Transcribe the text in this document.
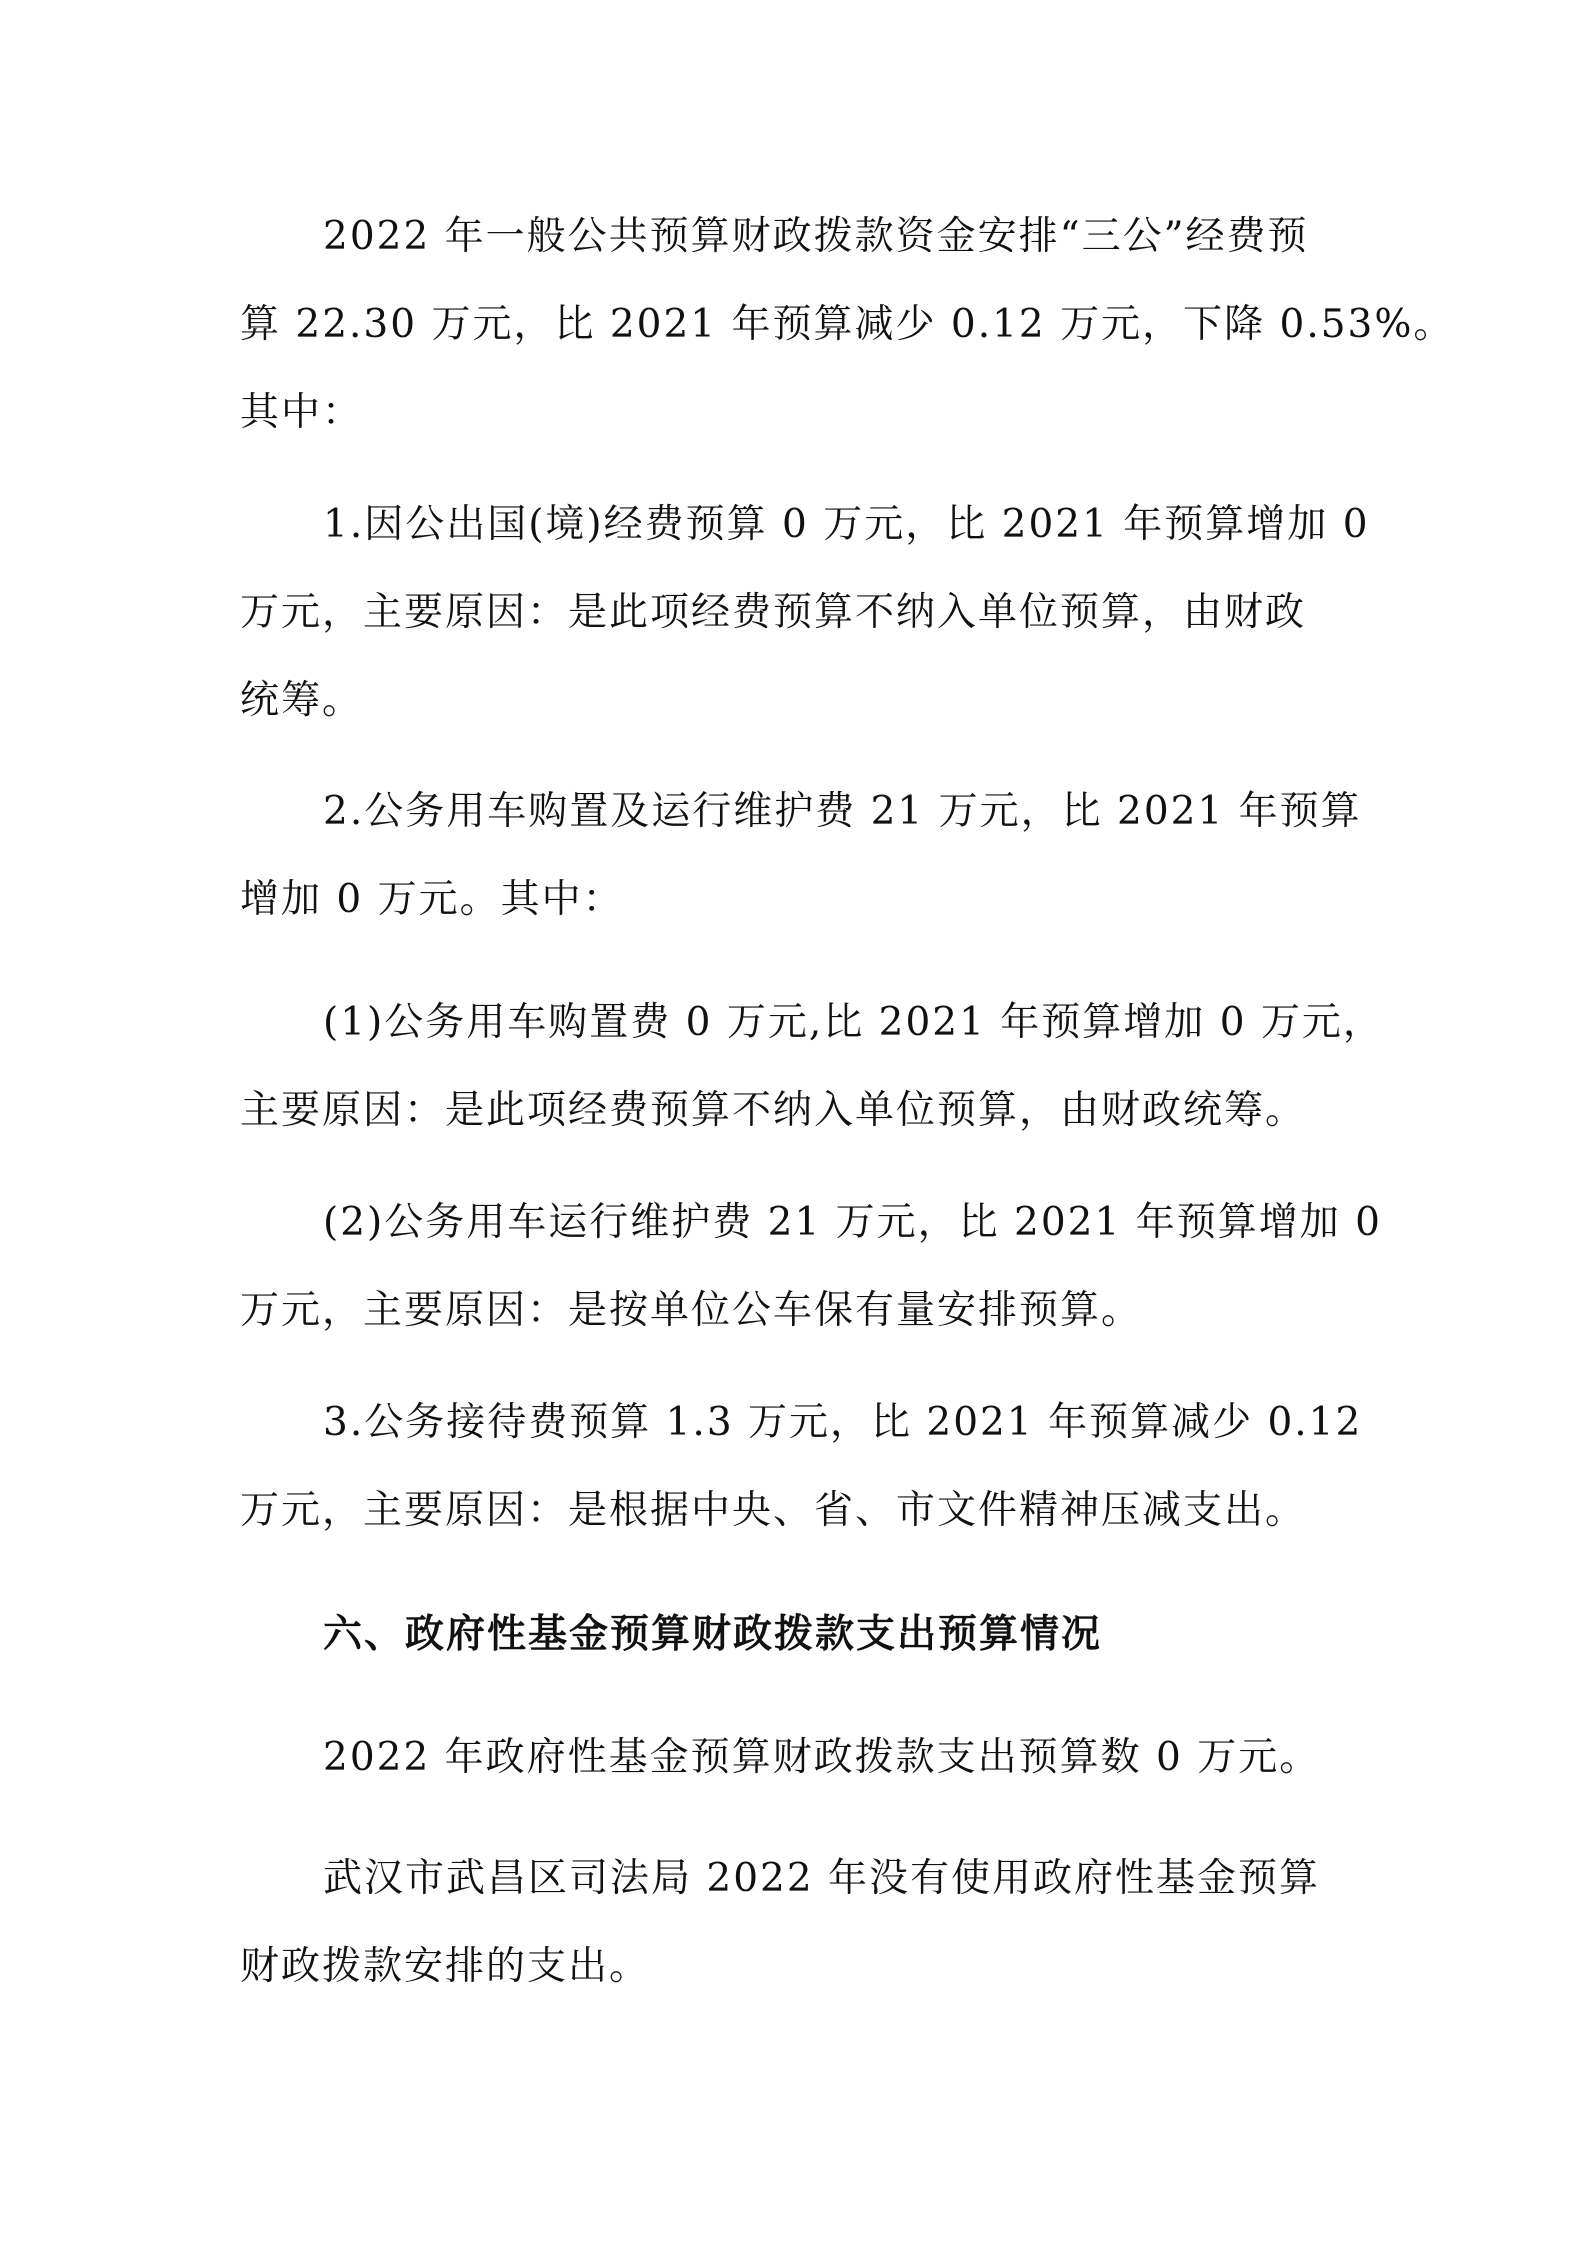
2022 年一般公共预算财政拨款资金安排“三公”经费预
算 22.30 万元，比 2021 年预算减少 0.12 万元，下降 0.53%。
其中：

1.因公出国(境)经费预算 0 万元，比 2021 年预算增加 0
万元，主要原因：是此项经费预算不纳入单位预算，由财政
统筹。

2.公务用车购置及运行维护费 21 万元，比 2021 年预算
增加 0 万元。其中：

(1)公务用车购置费 0 万元,比 2021 年预算增加 0 万元，
主要原因：是此项经费预算不纳入单位预算，由财政统筹。

(2)公务用车运行维护费 21 万元，比 2021 年预算增加 0
万元，主要原因：是按单位公车保有量安排预算。

3.公务接待费预算 1.3 万元，比 2021 年预算减少 0.12
万元，主要原因：是根据中央、省、市文件精神压减支出。

六、政府性基金预算财政拨款支出预算情况

2022 年政府性基金预算财政拨款支出预算数 0 万元。

武汉市武昌区司法局 2022 年没有使用政府性基金预算
财政拨款安排的支出。
